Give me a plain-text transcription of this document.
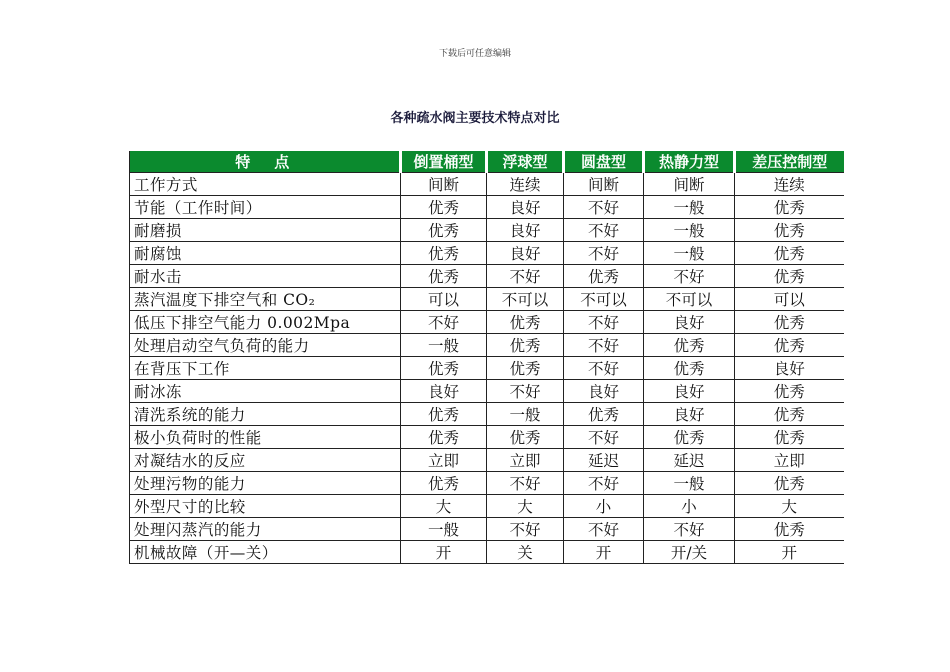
下载后可任意编辑
各种疏水阀主要技术特点对比
特　点	倒置桶型	浮球型	圆盘型	热静力型	差压控制型
工作方式	间断	连续	间断	间断	连续
节能（工作时间）	优秀	良好	不好	一般	优秀
耐磨损	优秀	良好	不好	一般	优秀
耐腐蚀	优秀	良好	不好	一般	优秀
耐水击	优秀	不好	优秀	不好	优秀
蒸汽温度下排空气和 CO₂	可以	不可以	不可以	不可以	可以
低压下排空气能力 0.002Mpa	不好	优秀	不好	良好	优秀
处理启动空气负荷的能力	一般	优秀	不好	优秀	优秀
在背压下工作	优秀	优秀	不好	优秀	良好
耐冰冻	良好	不好	良好	良好	优秀
清洗系统的能力	优秀	一般	优秀	良好	优秀
极小负荷时的性能	优秀	优秀	不好	优秀	优秀
对凝结水的反应	立即	立即	延迟	延迟	立即
处理污物的能力	优秀	不好	不好	一般	优秀
外型尺寸的比较	大	大	小	小	大
处理闪蒸汽的能力	一般	不好	不好	不好	优秀
机械故障（开—关）	开	关	开	开/关	开
